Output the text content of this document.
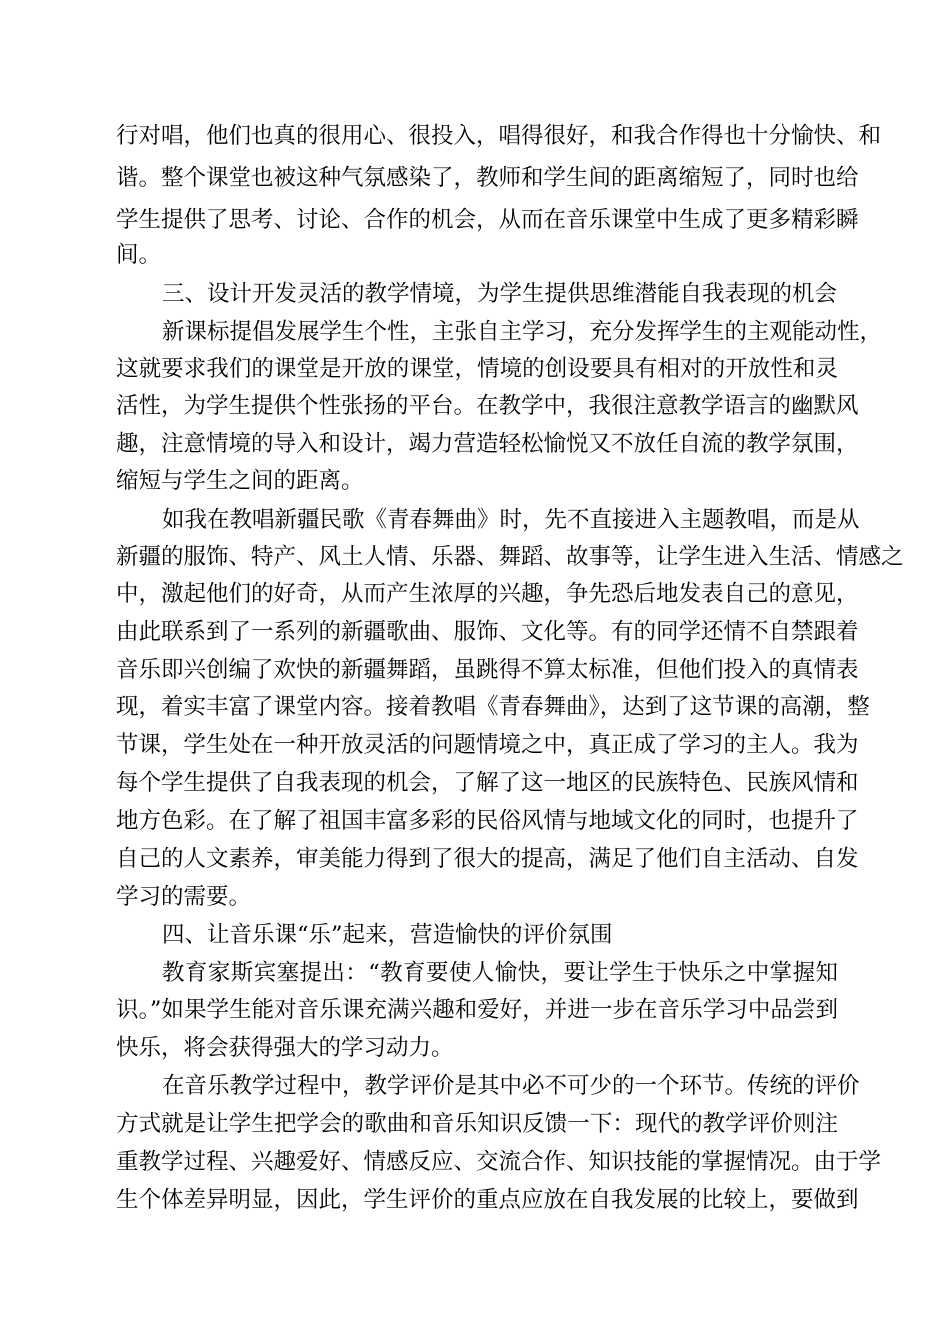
行对唱，他们也真的很用心、很投入，唱得很好，和我合作得也十分愉快、和
谐。整个课堂也被这种气氛感染了，教师和学生间的距离缩短了，同时也给
学生提供了思考、讨论、合作的机会，从而在音乐课堂中生成了更多精彩瞬
间。
三、设计开发灵活的教学情境，为学生提供思维潜能自我表现的机会
新课标提倡发展学生个性，主张自主学习，充分发挥学生的主观能动性，
这就要求我们的课堂是开放的课堂，情境的创设要具有相对的开放性和灵
活性，为学生提供个性张扬的平台。在教学中，我很注意教学语言的幽默风
趣，注意情境的导入和设计，竭力营造轻松愉悦又不放任自流的教学氛围，
缩短与学生之间的距离。
如我在教唱新疆民歌《青春舞曲》时，先不直接进入主题教唱，而是从
新疆的服饰、特产、风土人情、乐器、舞蹈、故事等，让学生进入生活、情感之
中，激起他们的好奇，从而产生浓厚的兴趣，争先恐后地发表自己的意见，
由此联系到了一系列的新疆歌曲、服饰、文化等。有的同学还情不自禁跟着
音乐即兴创编了欢快的新疆舞蹈，虽跳得不算太标准，但他们投入的真情表
现，着实丰富了课堂内容。接着教唱《青春舞曲》，达到了这节课的高潮，整
节课，学生处在一种开放灵活的问题情境之中，真正成了学习的主人。我为
每个学生提供了自我表现的机会，了解了这一地区的民族特色、民族风情和
地方色彩。在了解了祖国丰富多彩的民俗风情与地域文化的同时，也提升了
自己的人文素养，审美能力得到了很大的提高，满足了他们自主活动、自发
学习的需要。
四、让音乐课“乐”起来，营造愉快的评价氛围
教育家斯宾塞提出：“教育要使人愉快，要让学生于快乐之中掌握知
识。”如果学生能对音乐课充满兴趣和爱好，并进一步在音乐学习中品尝到
快乐，将会获得强大的学习动力。
在音乐教学过程中，教学评价是其中必不可少的一个环节。传统的评价
方式就是让学生把学会的歌曲和音乐知识反馈一下：现代的教学评价则注
重教学过程、兴趣爱好、情感反应、交流合作、知识技能的掌握情况。由于学
生个体差异明显，因此，学生评价的重点应放在自我发展的比较上，要做到
